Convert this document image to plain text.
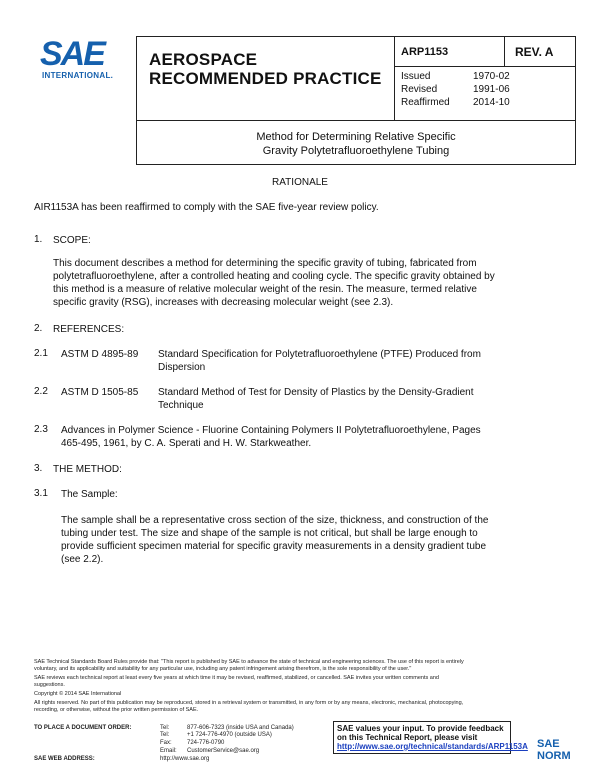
SAE
INTERNATIONAL.
AEROSPACE
RECOMMENDED PRACTICE
ARP1153	REV. A
Issued	1970-02
Revised	1991-06
Reaffirmed 2014-10
Method for Determining Relative Specific
Gravity Polytetrafluoroethylene Tubing
RATIONALE
AIR1153A has been reaffirmed to comply with the SAE five-year review policy.
1. SCOPE:
This document describes a method for determining the specific gravity of tubing, fabricated from
polytetrafluoroethylene, after a controlled heating and cooling cycle. The specific gravity obtained by
this method is a measure of relative molecular weight of the resin. The measure, termed relative
specific gravity (RSG), increases with decreasing molecular weight (see 2.3).
2. REFERENCES:
2.1 ASTM D 4895-89 Standard Specification for Polytetrafluoroethylene (PTFE) Produced from
Dispersion
2.2 ASTM D 1505-85 Standard Method of Test for Density of Plastics by the Density-Gradient
Technique
2.3 Advances in Polymer Science - Fluorine Containing Polymers II Polytetrafluoroethylene, Pages
465-495, 1961, by C. A. Sperati and H. W. Starkweather.
3. THE METHOD:
3.1 The Sample:
The sample shall be a representative cross section of the size, thickness, and construction of the
tubing under test. The size and shape of the sample is not critical, but shall be large enough to
provide sufficient specimen material for specific gravity measurements in a density gradient tube
(see 2.2).
SAE Technical Standards Board Rules provide that: "This report is published by SAE to advance the state of technical and engineering sciences. The use of this report is entirely
voluntary, and its applicability and suitability for any particular use, including any patent infringement arising therefrom, is the sole responsibility of the user."
SAE reviews each technical report at least every five years at which time it may be revised, reaffirmed, stabilized, or cancelled. SAE invites your written comments and
suggestions.
Copyright © 2014 SAE International
All rights reserved. No part of this publication may be reproduced, stored in a retrieval system or transmitted, in any form or by any means, electronic, mechanical, photocopying,
recording, or otherwise, without the prior written permission of SAE.
TO PLACE A DOCUMENT ORDER:
SAE WEB ADDRESS:
Tel:	877-606-7323 (inside USA and Canada)
Tel:	+1 724-776-4970 (outside USA)
Fax:	724-776-0790
Email: CustomerService@sae.org
http://www.sae.org
SAE values your input. To provide feedback
on this Technical Report, please visit
http://www.sae.org/technical/standards/ARP1153A SAE NORM
